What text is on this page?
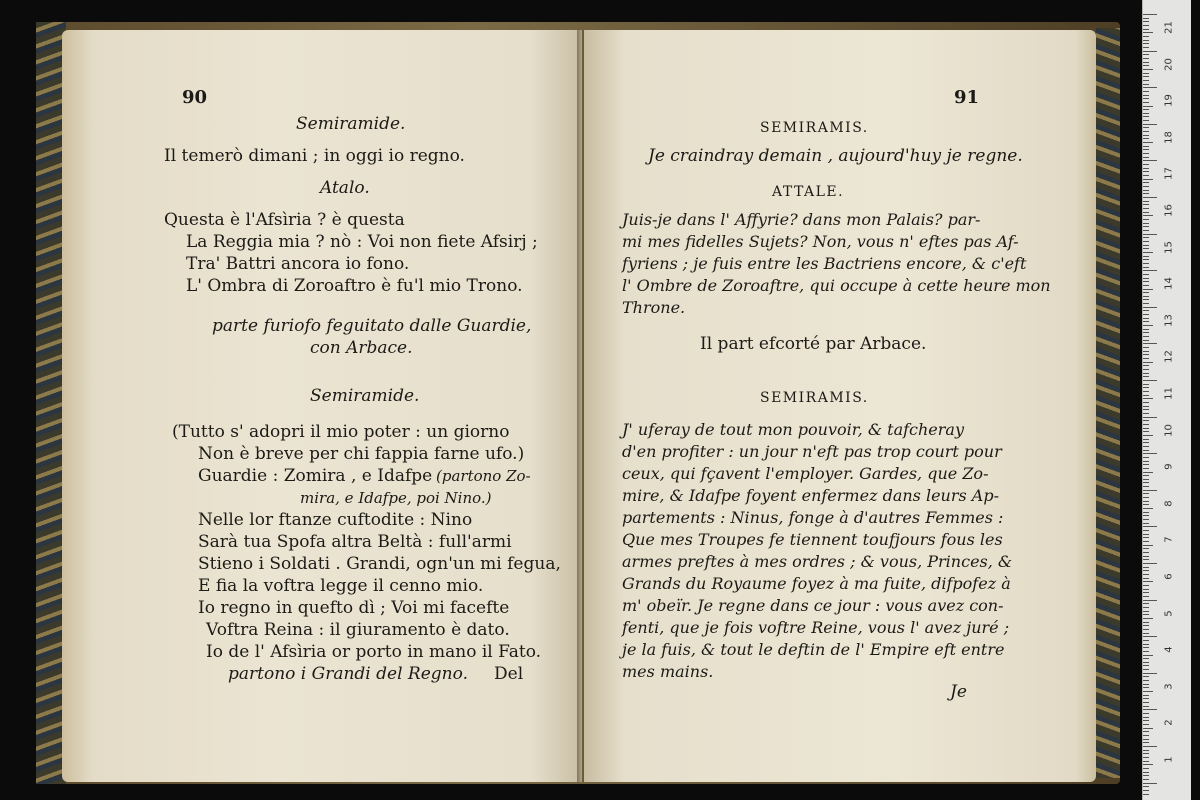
90
Semiramide.
Il temerò dimani ; in oggi io regno.
Atalo.
Questa è l'Afsìria ? è questa
La Reggia mia ? nò : Voi non fiete Afsirj ;
Tra' Battri ancora io fono.
L' Ombra di Zoroaftro è fu'l mio Trono.
parte furiofo feguitato dalle Guardie,
con Arbace.
Semiramide.
(Tutto s' adopri il mio poter : un giorno
Non è breve per chi fappia farne ufo.)
Guardie : Zomira , e Idafpe (partono Zo-
mira, e Idafpe, poi Nino.)
Nelle lor ftanze cuftodite : Nino
Sarà tua Spofa altra Beltà : full'armi
Stieno i Soldati . Grandi, ogn'un mi fegua,
E fia la voftra legge il cenno mio.
Io regno in quefto dì ; Voi mi facefte
Voftra Reina : il giuramento è dato.
Io de l' Afsìria or porto in mano il Fato.
partono i Grandi del Regno. Del
91
SEMIRAMIS.
Je craindray demain , aujourd'huy je regne.
ATTALE.
Juis-je dans l' Affyrie? dans mon Palais? par-
mi mes fidelles Sujets? Non, vous n' eftes pas Af-
fyriens ; je fuis entre les Bactriens encore, & c'eft
l' Ombre de Zoroaftre, qui occupe à cette heure mon
Throne.
Il part efcorté par Arbace.
SEMIRAMIS.
J' uferay de tout mon pouvoir, & tafcheray
d'en profiter : un jour n'eft pas trop court pour
ceux, qui fçavent l'employer. Gardes, que Zo-
mire, & Idafpe foyent enfermez dans leurs Ap-
partements : Ninus, fonge à d'autres Femmes :
Que mes Troupes fe tiennent toufjours fous les
armes preftes à mes ordres ; & vous, Princes, &
Grands du Royaume foyez à ma fuite, difpofez à
m' obeïr. Je regne dans ce jour : vous avez con-
fenti, que je fois voftre Reine, vous l' avez juré ;
je la fuis, & tout le deftin de l' Empire eft entre
mes mains.
Je
21
20
19
18
17
16
15
14
13
12
11
10
9
8
7
6
5
4
3
2
1
